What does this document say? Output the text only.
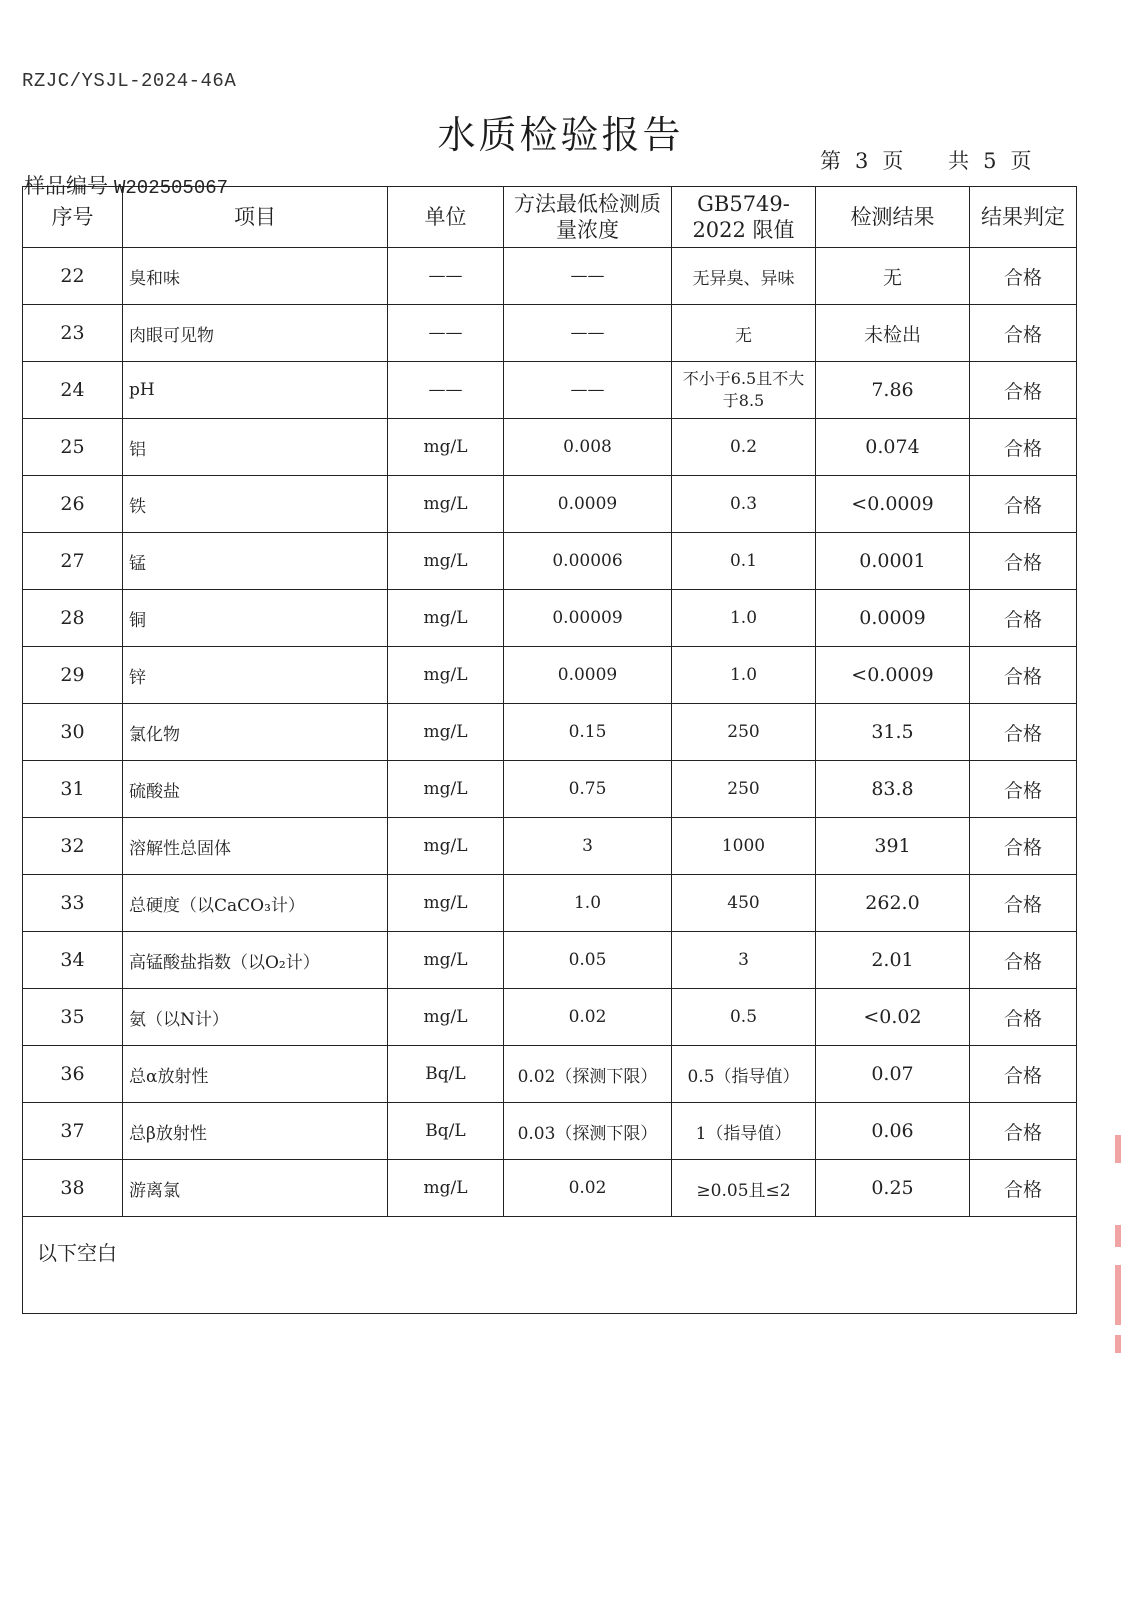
RZJC/YSJL-2024-46A
水质检验报告
第 3 页 共 5 页
样品编号 W202505067
序号	项目	单位	方法最低检测质量浓度	GB5749-2022 限值	检测结果	结果判定
22	臭和味	——	——	无异臭、异味	无	合格
23	肉眼可见物	——	——	无	未检出	合格
24	pH	——	——	不小于6.5且不大于8.5	7.86	合格
25	铝	mg/L	0.008	0.2	0.074	合格
26	铁	mg/L	0.0009	0.3	<0.0009	合格
27	锰	mg/L	0.00006	0.1	0.0001	合格
28	铜	mg/L	0.00009	1.0	0.0009	合格
29	锌	mg/L	0.0009	1.0	<0.0009	合格
30	氯化物	mg/L	0.15	250	31.5	合格
31	硫酸盐	mg/L	0.75	250	83.8	合格
32	溶解性总固体	mg/L	3	1000	391	合格
33	总硬度（以CaCO₃计）	mg/L	1.0	450	262.0	合格
34	高锰酸盐指数（以O₂计）	mg/L	0.05	3	2.01	合格
35	氨（以N计）	mg/L	0.02	0.5	<0.02	合格
36	总α放射性	Bq/L	0.02（探测下限）	0.5（指导值）	0.07	合格
37	总β放射性	Bq/L	0.03（探测下限）	1（指导值）	0.06	合格
38	游离氯	mg/L	0.02	≥0.05且≤2	0.25	合格
以下空白						
